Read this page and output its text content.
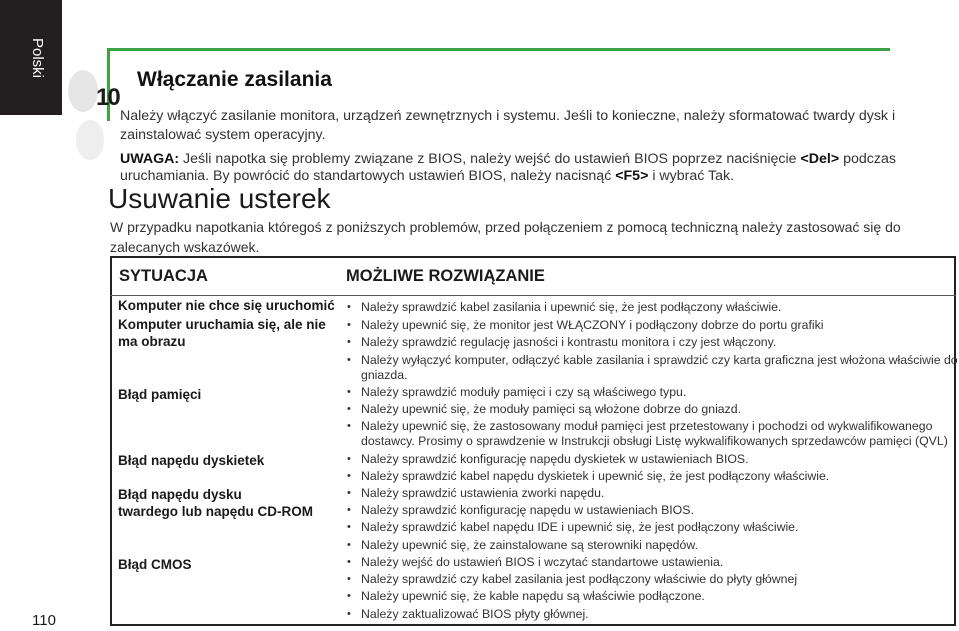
Polski
110
10
Włączanie zasilania
Należy włączyć zasilanie monitora, urządzeń zewnętrznych i systemu. Jeśli to konieczne, należy sformatować twardy dysk i
zainstalować system operacyjny.
UWAGA: Jeśli napotka się problemy związane z BIOS, należy wejść do ustawień BIOS poprzez naciśnięcie <Del> podczas
uruchamiania. By powrócić do standartowych ustawień BIOS, należy nacisnąć <F5> i wybrać Tak.
Usuwanie usterek
W przypadku napotkania któregoś z poniższych problemów, przed połączeniem z pomocą techniczną należy zastosować się do zalecanych wskazówek.
SYTUACJA	MOŻLIWE ROZWIĄZANIE
Komputer nie chce się uruchomić
Komputer uruchamia się, ale nie
ma obrazu
Błąd pamięci
Błąd napędu dyskietek
Błąd napędu dysku
twardego lub napędu CD-ROM
Błąd CMOS
• Należy sprawdzić kabel zasilania i upewnić się, że jest podłączony właściwie.
• Należy upewnić się, że monitor jest WŁĄCZONY i podłączony dobrze do portu grafiki
• Należy sprawdzić regulację jasności i kontrastu monitora i czy jest włączony.
• Należy wyłączyć komputer, odłączyć kable zasilania i sprawdzić czy karta graficzna jest włożona właściwie do
gniazda.
• Należy sprawdzić moduły pamięci i czy są właściwego typu.
• Należy upewnić się, że moduły pamięci są włożone dobrze do gniazd.
• Należy upewnić się, że zastosowany moduł pamięci jest przetestowany i pochodzi od wykwalifikowanego
dostawcy. Prosimy o sprawdzenie w Instrukcji obsługi Listę wykwalifikowanych sprzedawców pamięci (QVL)
• Należy sprawdzić konfigurację napędu dyskietek w ustawieniach BIOS.
• Należy sprawdzić kabel napędu dyskietek i upewnić się, że jest podłączony właściwie.
• Należy sprawdzić ustawienia zworki napędu.
• Należy sprawdzić konfigurację napędu w ustawieniach BIOS.
• Należy sprawdzić kabel napędu IDE i upewnić się, że jest podłączony właściwie.
• Należy upewnić się, że zainstalowane są sterowniki napędów.
• Należy wejść do ustawień BIOS i wczytać standartowe ustawienia.
• Należy sprawdzić czy kabel zasilania jest podłączony właściwie do płyty głównej
• Należy upewnić się, że kable napędu są właściwie podłączone.
• Należy zaktualizować BIOS płyty głównej.
